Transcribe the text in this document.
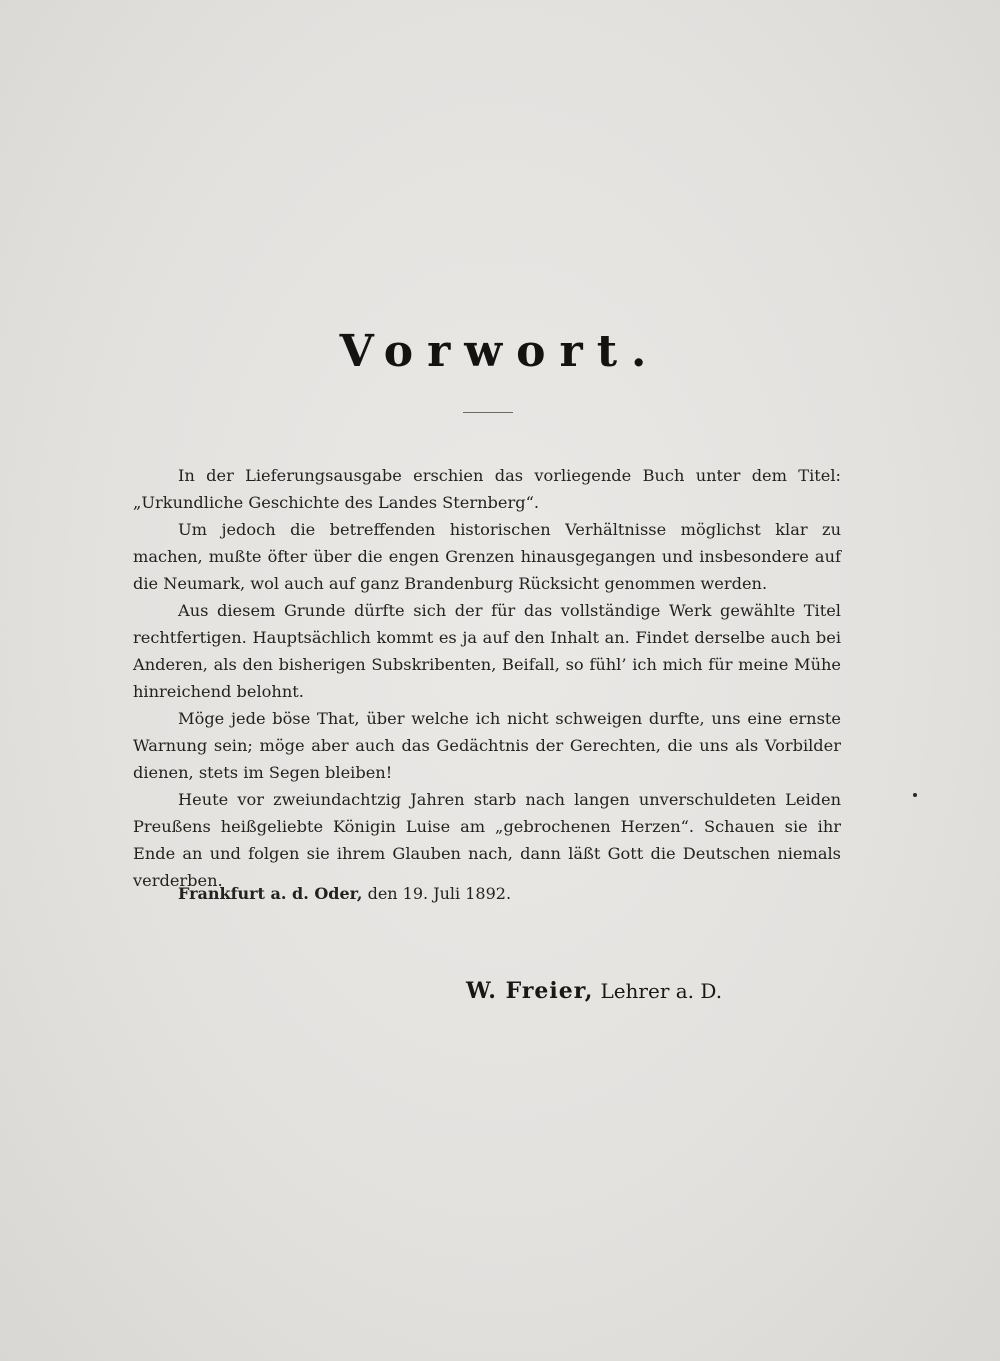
Vorwort.

In der Lieferungsausgabe erschien das vorliegende Buch unter dem Titel: „Urkundliche Geschichte des Landes Sternberg“.

Um jedoch die betreffenden historischen Verhältnisse möglichst klar zu machen, mußte öfter über die engen Grenzen hinausgegangen und insbesondere auf die Neumark, wol auch auf ganz Brandenburg Rücksicht genommen werden.

Aus diesem Grunde dürfte sich der für das vollständige Werk gewählte Titel rechtfertigen. Hauptsächlich kommt es ja auf den Inhalt an. Findet derselbe auch bei Anderen, als den bisherigen Subskribenten, Beifall, so fühl’ ich mich für meine Mühe hinreichend belohnt.

Möge jede böse That, über welche ich nicht schweigen durfte, uns eine ernste Warnung sein; möge aber auch das Gedächtnis der Gerechten, die uns als Vorbilder dienen, stets im Segen bleiben!

Heute vor zweiundachtzig Jahren starb nach langen unverschuldeten Leiden Preußens heißgeliebte Königin Luise am „gebrochenen Herzen“. Schauen sie ihr Ende an und folgen sie ihrem Glauben nach, dann läßt Gott die Deutschen niemals verderben.

Frankfurt a. d. Oder, den 19. Juli 1892.
W. Freier, Lehrer a. D.
